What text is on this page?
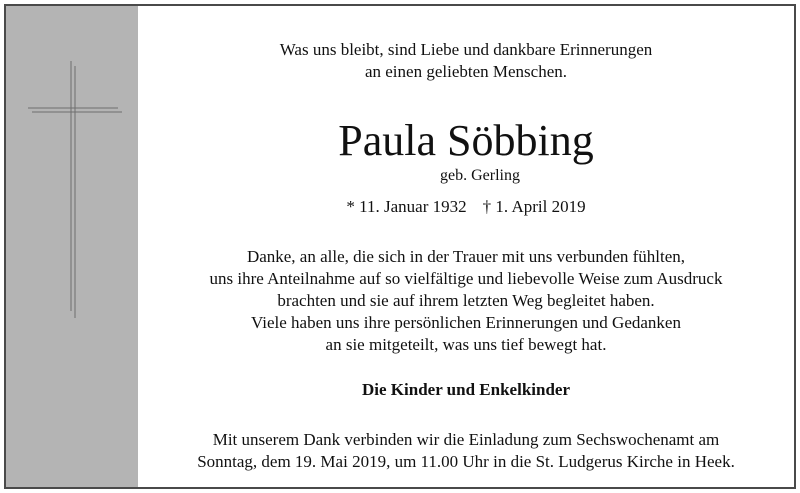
Was uns bleibt, sind Liebe und dankbare Erinnerungen
an einen geliebten Menschen.
Paula Söbbing
geb. Gerling
* 11. Januar 1932 † 1. April 2019
Danke, an alle, die sich in der Trauer mit uns verbunden fühlten,
uns ihre Anteilnahme auf so vielfältige und liebevolle Weise zum Ausdruck
brachten und sie auf ihrem letzten Weg begleitet haben.
Viele haben uns ihre persönlichen Erinnerungen und Gedanken
an sie mitgeteilt, was uns tief bewegt hat.
Die Kinder und Enkelkinder
Mit unserem Dank verbinden wir die Einladung zum Sechswochenamt am
Sonntag, dem 19. Mai 2019, um 11.00 Uhr in die St. Ludgerus Kirche in Heek.
